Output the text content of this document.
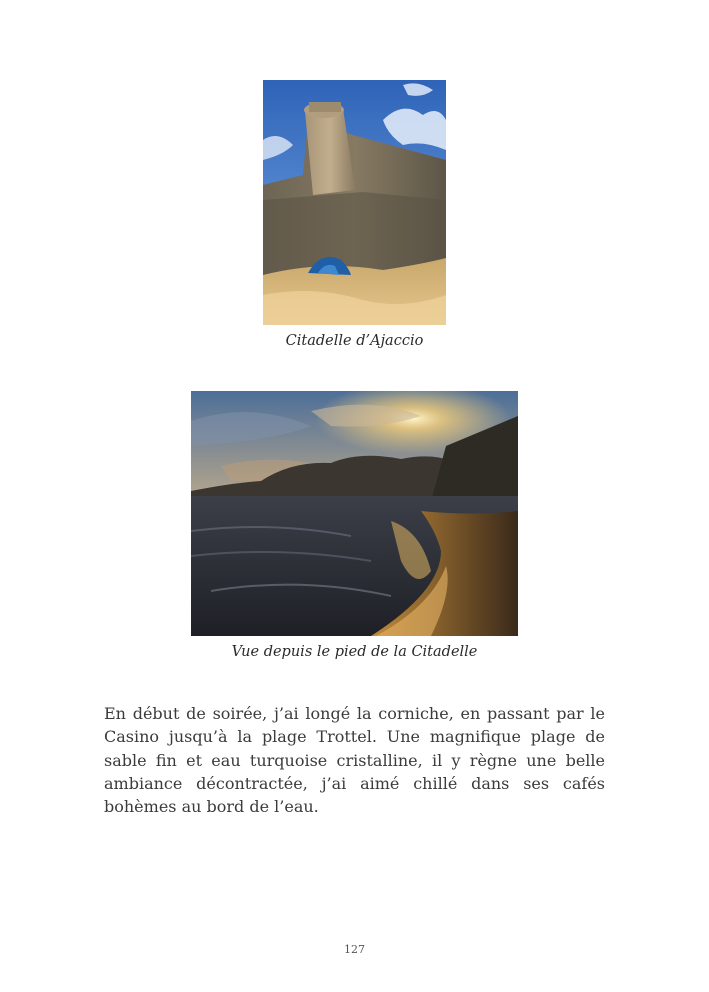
Citadelle d’Ajaccio

Vue depuis le pied de la Citadelle

En début de soirée, j’ai longé la corniche, en passant par le Casino jusqu’à la plage Trottel. Une magnifique plage de sable fin et eau turquoise cristalline, il y règne une belle ambiance décontractée, j’ai aimé chillé dans ses cafés bohèmes au bord de l’eau.

127
